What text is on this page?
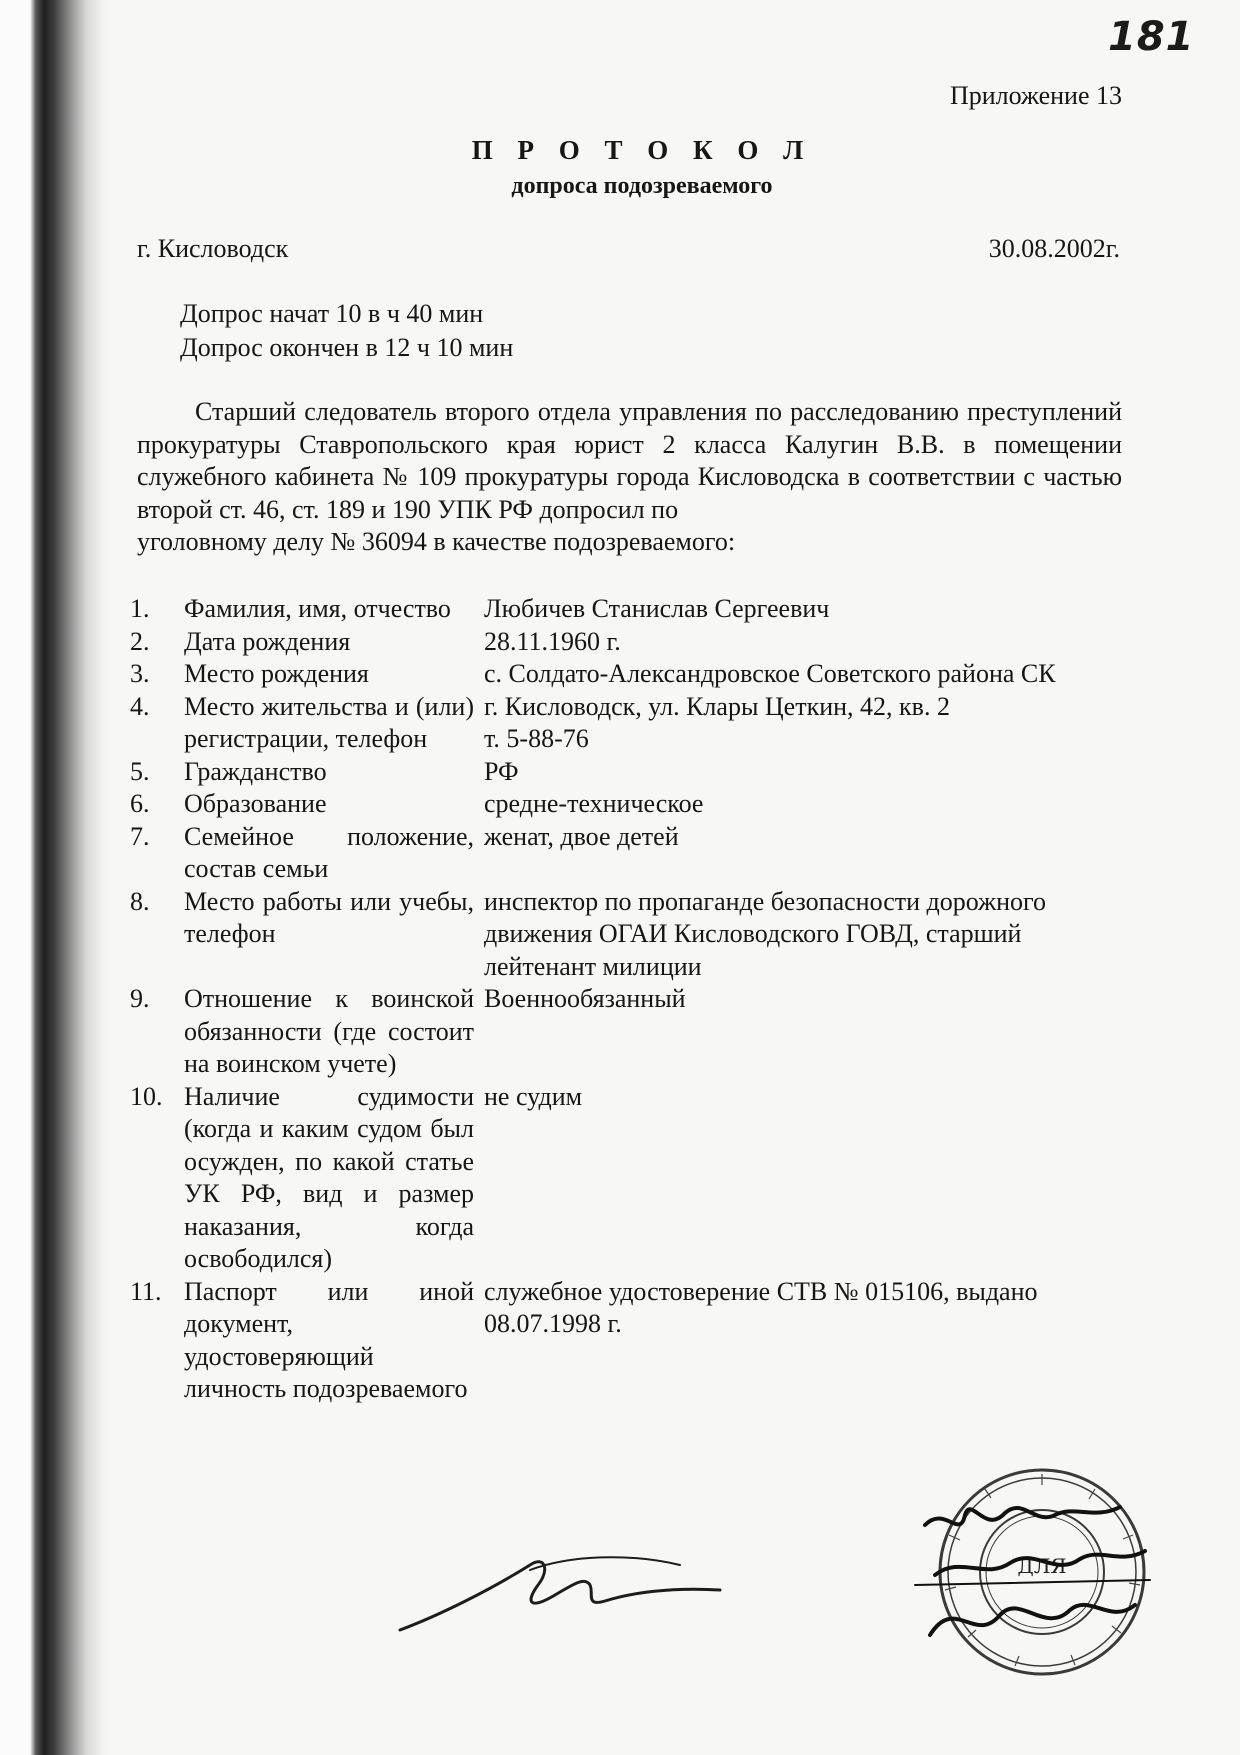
181
Приложение 13
П Р О Т О К О Л
допроса подозреваемого
г. Кисловодск	30.08.2002г.
Допрос начат 10 в ч 40 мин
Допрос окончен в 12 ч 10 мин

Старший следователь второго отдела управления по расследованию преступлений прокуратуры Ставропольского края юрист 2 класса Калугин В.В. в помещении служебного кабинета № 109 прокуратуры города Кисловодска в соответствии с частью второй ст. 46, ст. 189 и 190 УПК РФ допросил по

уголовному делу № 36094 в качестве подозреваемого:
1.	Фамилия, имя, отчество	Любичев Станислав Сергеевич
2.	Дата рождения	28.11.1960 г.
3.	Место рождения	с. Солдато-Александровское Советского района СК
4.	Место жительства и (или) регистрации, телефон	г. Кисловодск, ул. Клары Цеткин, 42, кв. 2
т. 5-88-76

5.	Гражданство	РФ
6.	Образование	средне-техническое
7.	Семейное положение, состав семьи	женат, двое детей
8.	Место работы или учебы, телефон	инспектор по пропаганде безопасности дорожного движения ОГАИ Кисловодского ГОВД, старший лейтенант милиции
9.	Отношение к воинской обязанности (где состоит на воинском учете)	Военнообязанный
10.	Наличие судимости (когда и каким судом был осужден, по какой статье УК РФ, вид и размер наказания, когда освободился)	не судим
11.	Паспорт или иной документ, удостоверяющий личность подозреваемого	служебное удостоверение СТВ № 015106, выдано 08.07.1998 г.
ДЛЯ
